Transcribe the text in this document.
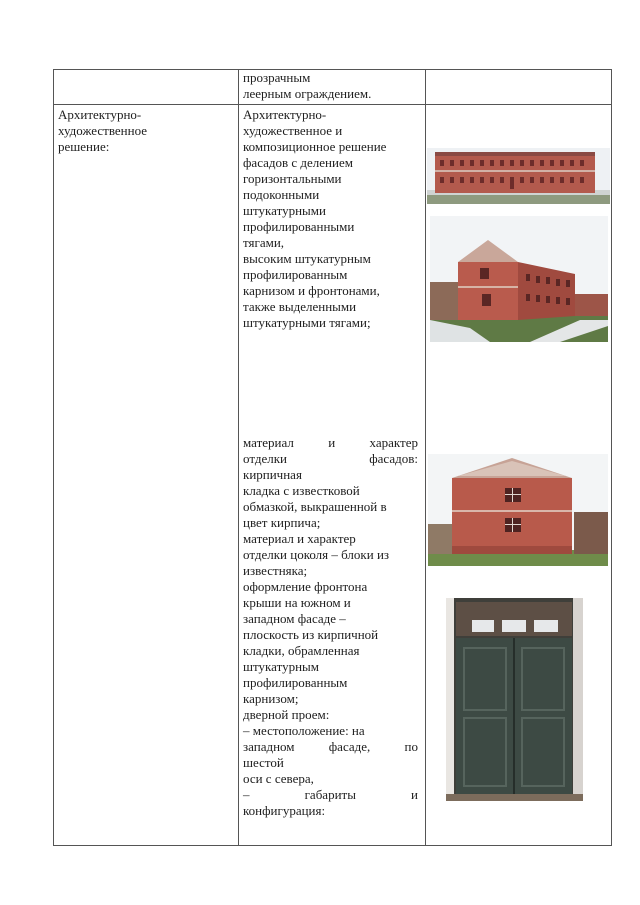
прозрачным
леерным ограждением.
Архитектурно-
художественное
решение:
Архитектурно-
художественное и
композиционное решение
фасадов с делением
горизонтальными
подоконными
штукатурными
профилированными
тягами,
высоким штукатурным
профилированным
карнизом и фронтонами,
также выделенными
штукатурными тягами;
материал и характер
отделки фасадов:
кирпичная
кладка с известковой
обмазкой, выкрашенной в
цвет кирпича;
материал и характер
отделки цоколя – блоки из
известняка;
оформление фронтона
крыши на южном и
западном фасаде –
плоскость из кирпичной
кладки, обрамленная
штукатурным
профилированным
карнизом;
дверной проем:
– местоположение: на
западном фасаде, по
шестой
оси с севера,
– габариты и
конфигурация:
